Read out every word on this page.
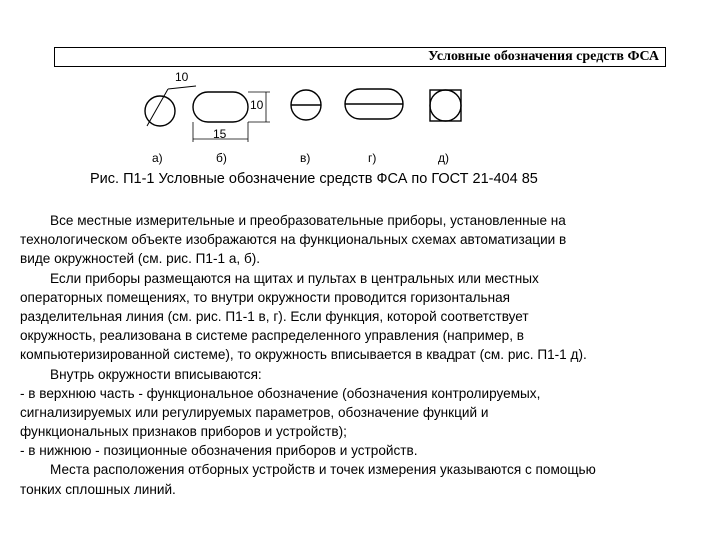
Условные обозначения средств ФСА
10
10
15
а)	б)	в)	г)	д)
Рис. П1-1 Условные обозначение средств ФСА по ГОСТ 21-404 85
Все местные измерительные и преобразовательные приборы, установленные на
технологическом объекте изображаются на функциональных схемах автоматизации в
виде окружностей (см. рис. П1-1 а, б).
Если приборы размещаются на щитах и пультах в центральных или местных
операторных помещениях, то внутри окружности проводится горизонтальная
разделительная линия (см. рис. П1-1 в, г). Если функция, которой соответствует
окружность, реализована в системе распределенного управления (например, в
компьютеризированной системе), то окружность вписывается в квадрат (см. рис. П1-1 д).
Внутрь окружности вписываются:
- в верхнюю часть - функциональное обозначение (обозначения контролируемых,
сигнализируемых или регулируемых параметров, обозначение функций и
функциональных признаков приборов и устройств);
- в нижнюю - позиционные обозначения приборов и устройств.
Места расположения отборных устройств и точек измерения указываются с помощью
тонких сплошных линий.
